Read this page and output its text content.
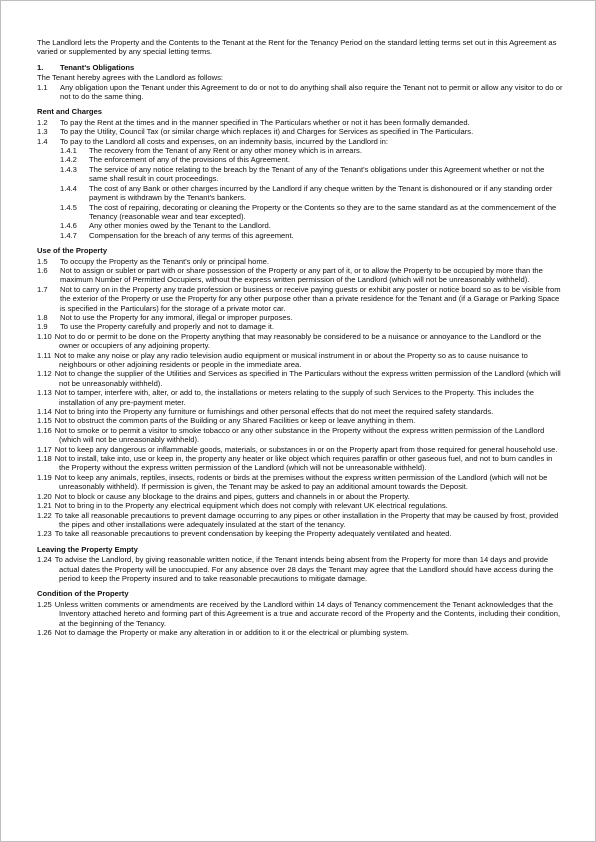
The Landlord lets the Property and the Contents to the Tenant at the Rent for the Tenancy Period on the standard letting terms set out in this Agreement as varied or supplemented by any special letting terms.

1. Tenant's Obligations

The Tenant hereby agrees with the Landlord as follows:

1.1	Any obligation upon the Tenant under this Agreement to do or not to do anything shall also require the Tenant not to permit or allow any visitor to do or not to do the same thing.
Rent and Charges
1.2	To pay the Rent at the times and in the manner specified in The Particulars whether or not it has been formally demanded.
1.3	To pay the Utility, Council Tax (or similar charge which replaces it) and Charges for Services as specified in The Particulars.
1.4	To pay to the Landlord all costs and expenses, on an indemnity basis, incurred by the Landlord in:
1.4.1	The recovery from the Tenant of any Rent or any other money which is in arrears.
1.4.2	The enforcement of any of the provisions of this Agreement.
1.4.3	The service of any notice relating to the breach by the Tenant of any of the Tenant's obligations under this Agreement whether or not the same shall result in court proceedings.
1.4.4	The cost of any Bank or other charges incurred by the Landlord if any cheque written by the Tenant is dishonoured or if any standing order payment is withdrawn by the Tenant's bankers.
1.4.5	The cost of repairing, decorating or cleaning the Property or the Contents so they are to the same standard as at the commencement of the Tenancy (reasonable wear and tear excepted).
1.4.6	Any other monies owed by the Tenant to the Landlord.
1.4.7	Compensation for the breach of any terms of this agreement.
Use of the Property
1.5	To occupy the Property as the Tenant's only or principal home.
1.6	Not to assign or sublet or part with or share possession of the Property or any part of it, or to allow the Property to be occupied by more than the maximum Number of Permitted Occupiers, without the express written permission of the Landlord (which will not be unreasonably withheld).
1.7	Not to carry on in the Property any trade profession or business or receive paying guests or exhibit any poster or notice board so as to be visible from the exterior of the Property or use the Property for any other purpose other than a private residence for the Tenant and (if a Garage or Parking Space is specified in the Particulars) for the storage of a private motor car.
1.8	Not to use the Property for any immoral, illegal or improper purposes.
1.9	To use the Property carefully and properly and not to damage it.
1.10 Not to do or permit to be done on the Property anything that may reasonably be considered to be a nuisance or annoyance to the Landlord or the owner or occupiers of any adjoining property.
1.11 Not to make any noise or play any radio television audio equipment or musical instrument in or about the Property so as to cause nuisance to neighbours or other adjoining residents or people in the immediate area.
1.12 Not to change the supplier of the Utilities and Services as specified in The Particulars without the express written permission of the Landlord (which will not be unreasonably withheld).
1.13 Not to tamper, interfere with, alter, or add to, the installations or meters relating to the supply of such Services to the Property. This includes the installation of any pre-payment meter.
1.14 Not to bring into the Property any furniture or furnishings and other personal effects that do not meet the required safety standards.
1.15 Not to obstruct the common parts of the Building or any Shared Facilities or keep or leave anything in them.
1.16 Not to smoke or to permit a visitor to smoke tobacco or any other substance in the Property without the express written permission of the Landlord (which will not be unreasonably withheld).
1.17 Not to keep any dangerous or inflammable goods, materials, or substances in or on the Property apart from those required for general household use.
1.18 Not to install, take into, use or keep in, the property any heater or like object which requires paraffin or other gaseous fuel, and not to burn candles in the Property without the express written permission of the Landlord (which will not be unreasonable withheld).
1.19 Not to keep any animals, reptiles, insects, rodents or birds at the premises without the express written permission of the Landlord (which will not be unreasonably withheld). If permission is given, the Tenant may be asked to pay an additional amount towards the Deposit.
1.20 Not to block or cause any blockage to the drains and pipes, gutters and channels in or about the Property.
1.21 Not to bring in to the Property any electrical equipment which does not comply with relevant UK electrical regulations.
1.22 To take all reasonable precautions to prevent damage occurring to any pipes or other installation in the Property that may be caused by frost, provided the pipes and other installations were adequately insulated at the start of the tenancy.
1.23 To take all reasonable precautions to prevent condensation by keeping the Property adequately ventilated and heated.
Leaving the Property Empty
1.24 To advise the Landlord, by giving reasonable written notice, if the Tenant intends being absent from the Property for more than 14 days and provide actual dates the Property will be unoccupied. For any absence over 28 days the Tenant may agree that the Landlord should have access during the period to keep the Property insured and to take reasonable precautions to mitigate damage.
Condition of the Property
1.25 Unless written comments or amendments are received by the Landlord within 14 days of Tenancy commencement the Tenant acknowledges that the Inventory attached hereto and forming part of this Agreement is a true and accurate record of the Property and the Contents, including their condition, at the beginning of the Tenancy.
1.26 Not to damage the Property or make any alteration in or addition to it or the electrical or plumbing system.
